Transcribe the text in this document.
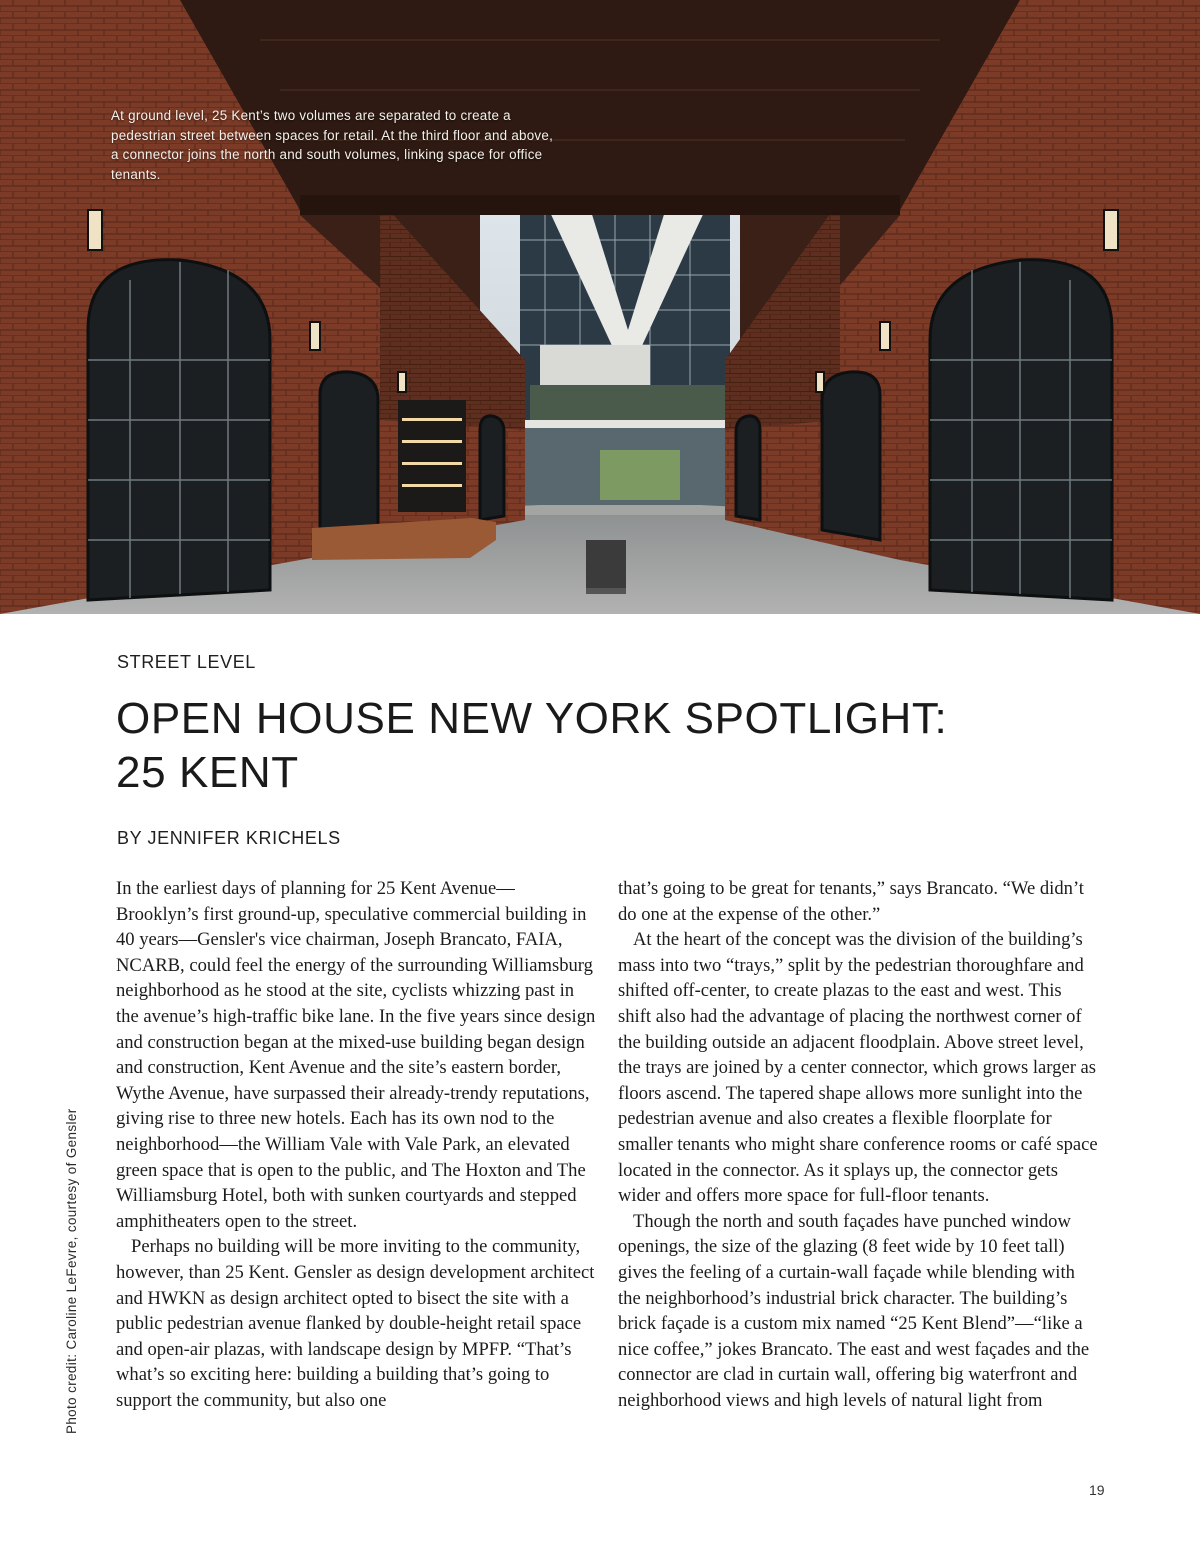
At ground level, 25 Kent’s two volumes are separated to create a pedestrian street between spaces for retail. At the third floor and above, a connector joins the north and south volumes, linking space for office tenants.
STREET LEVEL
OPEN HOUSE NEW YORK SPOTLIGHT:
25 KENT
BY JENNIFER KRICHELS

In the earliest days of planning for 25 Kent Avenue—Brooklyn’s first ground-up, speculative commercial building in 40 years—Gensler's vice chairman, Joseph Brancato, FAIA, NCARB, could feel the energy of the surrounding Williamsburg neighborhood as he stood at the site, cyclists whizzing past in the avenue’s high-traffic bike lane. In the five years since design and construction began at the mixed-use building began design and construction, Kent Avenue and the site’s eastern border, Wythe Avenue, have surpassed their already-trendy reputations, giving rise to three new hotels. Each has its own nod to the neighborhood—the William Vale with Vale Park, an elevated green space that is open to the public, and The Hoxton and The Williamsburg Hotel, both with sunken courtyards and stepped amphitheaters open to the street.

Perhaps no building will be more inviting to the community, however, than 25 Kent. Gensler as design development architect and HWKN as design architect opted to bisect the site with a public pedestrian avenue flanked by double-height retail space and open-air plazas, with landscape design by MPFP. “That’s what’s so exciting here: building a building that’s going to support the community, but also one

that’s going to be great for tenants,” says Brancato. “We didn’t do one at the expense of the other.”

At the heart of the concept was the division of the building’s mass into two “trays,” split by the pedestrian thoroughfare and shifted off-center, to create plazas to the east and west. This shift also had the advantage of placing the northwest corner of the building outside an adjacent floodplain. Above street level, the trays are joined by a center connector, which grows larger as floors ascend. The tapered shape allows more sunlight into the pedestrian avenue and also creates a flexible floorplate for smaller tenants who might share conference rooms or café space located in the connector. As it splays up, the connector gets wider and offers more space for full-floor tenants.

Though the north and south façades have punched window openings, the size of the glazing (8 feet wide by 10 feet tall) gives the feeling of a curtain-wall façade while blending with the neighborhood’s industrial brick character. The building’s brick façade is a custom mix named “25 Kent Blend”—“like a nice coffee,” jokes Brancato. The east and west façades and the connector are clad in curtain wall, offering big waterfront and neighborhood views and high levels of natural light from

Photo credit: Caroline LeFevre, courtesy of Gensler
19
